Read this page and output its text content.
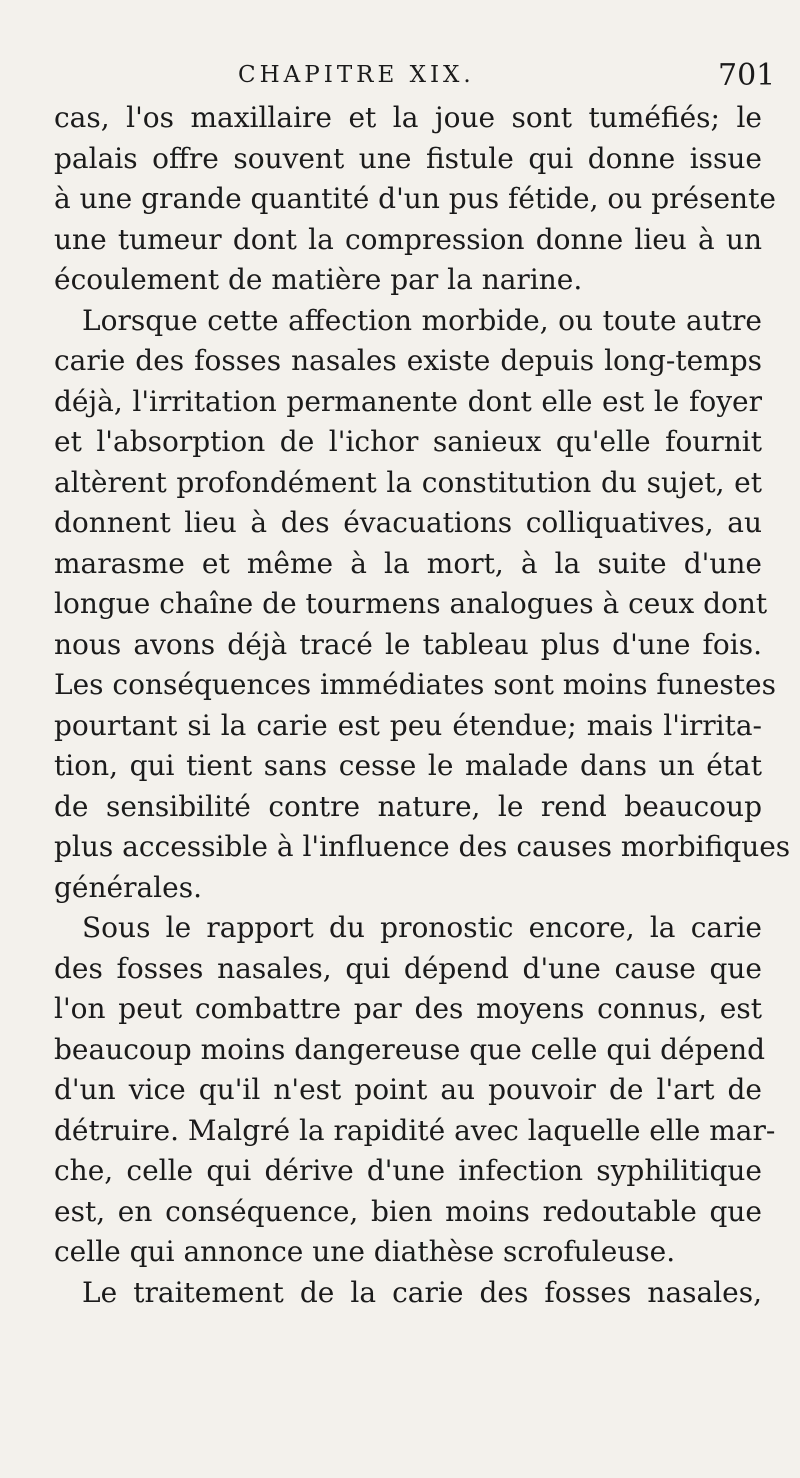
CHAPITRE XIX.	701
cas, l'os maxillaire et la joue sont tuméfiés; le
palais offre souvent une fistule qui donne issue
à une grande quantité d'un pus fétide, ou présente
une tumeur dont la compression donne lieu à un
écoulement de matière par la narine.
Lorsque cette affection morbide, ou toute autre
carie des fosses nasales existe depuis long-temps
déjà, l'irritation permanente dont elle est le foyer
et l'absorption de l'ichor sanieux qu'elle fournit
altèrent profondément la constitution du sujet, et
donnent lieu à des évacuations colliquatives, au
marasme et même à la mort, à la suite d'une
longue chaîne de tourmens analogues à ceux dont
nous avons déjà tracé le tableau plus d'une fois.
Les conséquences immédiates sont moins funestes
pourtant si la carie est peu étendue; mais l'irrita-
tion, qui tient sans cesse le malade dans un état
de sensibilité contre nature, le rend beaucoup
plus accessible à l'influence des causes morbifiques
générales.
Sous le rapport du pronostic encore, la carie
des fosses nasales, qui dépend d'une cause que
l'on peut combattre par des moyens connus, est
beaucoup moins dangereuse que celle qui dépend
d'un vice qu'il n'est point au pouvoir de l'art de
détruire. Malgré la rapidité avec laquelle elle mar-
che, celle qui dérive d'une infection syphilitique
est, en conséquence, bien moins redoutable que
celle qui annonce une diathèse scrofuleuse.
Le traitement de la carie des fosses nasales,
